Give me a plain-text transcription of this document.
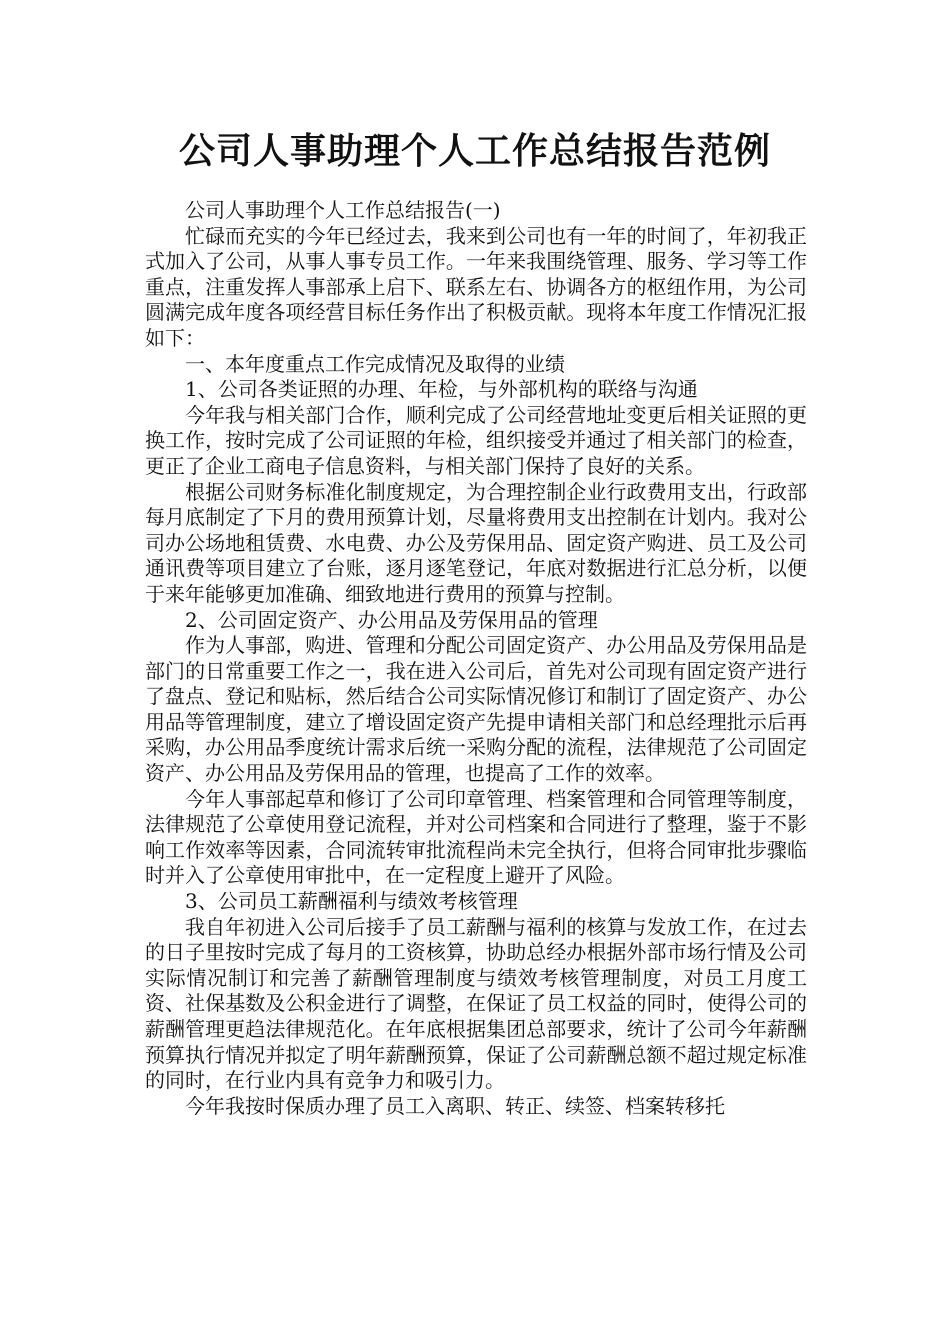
公司人事助理个人工作总结报告范例

公司人事助理个人工作总结报告(一)

忙碌而充实的今年已经过去，我来到公司也有一年的时间了，年初我正式加入了公司，从事人事专员工作。一年来我围绕管理、服务、学习等工作重点，注重发挥人事部承上启下、联系左右、协调各方的枢纽作用，为公司圆满完成年度各项经营目标任务作出了积极贡献。现将本年度工作情况汇报如下：

一、本年度重点工作完成情况及取得的业绩

1、公司各类证照的办理、年检，与外部机构的联络与沟通

今年我与相关部门合作，顺利完成了公司经营地址变更后相关证照的更换工作，按时完成了公司证照的年检，组织接受并通过了相关部门的检查，更正了企业工商电子信息资料，与相关部门保持了良好的关系。

根据公司财务标准化制度规定，为合理控制企业行政费用支出，行政部每月底制定了下月的费用预算计划，尽量将费用支出控制在计划内。我对公司办公场地租赁费、水电费、办公及劳保用品、固定资产购进、员工及公司通讯费等项目建立了台账，逐月逐笔登记，年底对数据进行汇总分析，以便于来年能够更加准确、细致地进行费用的预算与控制。

2、公司固定资产、办公用品及劳保用品的管理

作为人事部，购进、管理和分配公司固定资产、办公用品及劳保用品是部门的日常重要工作之一，我在进入公司后，首先对公司现有固定资产进行了盘点、登记和贴标，然后结合公司实际情况修订和制订了固定资产、办公用品等管理制度，建立了增设固定资产先提申请相关部门和总经理批示后再采购，办公用品季度统计需求后统一采购分配的流程，法律规范了公司固定资产、办公用品及劳保用品的管理，也提高了工作的效率。

今年人事部起草和修订了公司印章管理、档案管理和合同管理等制度，法律规范了公章使用登记流程，并对公司档案和合同进行了整理，鉴于不影响工作效率等因素，合同流转审批流程尚未完全执行，但将合同审批步骤临时并入了公章使用审批中，在一定程度上避开了风险。

3、公司员工薪酬福利与绩效考核管理

我自年初进入公司后接手了员工薪酬与福利的核算与发放工作，在过去的日子里按时完成了每月的工资核算，协助总经办根据外部市场行情及公司实际情况制订和完善了薪酬管理制度与绩效考核管理制度，对员工月度工资、社保基数及公积金进行了调整，在保证了员工权益的同时，使得公司的薪酬管理更趋法律规范化。在年底根据集团总部要求，统计了公司今年薪酬预算执行情况并拟定了明年薪酬预算，保证了公司薪酬总额不超过规定标准的同时，在行业内具有竞争力和吸引力。

今年我按时保质办理了员工入离职、转正、续签、档案转移托
